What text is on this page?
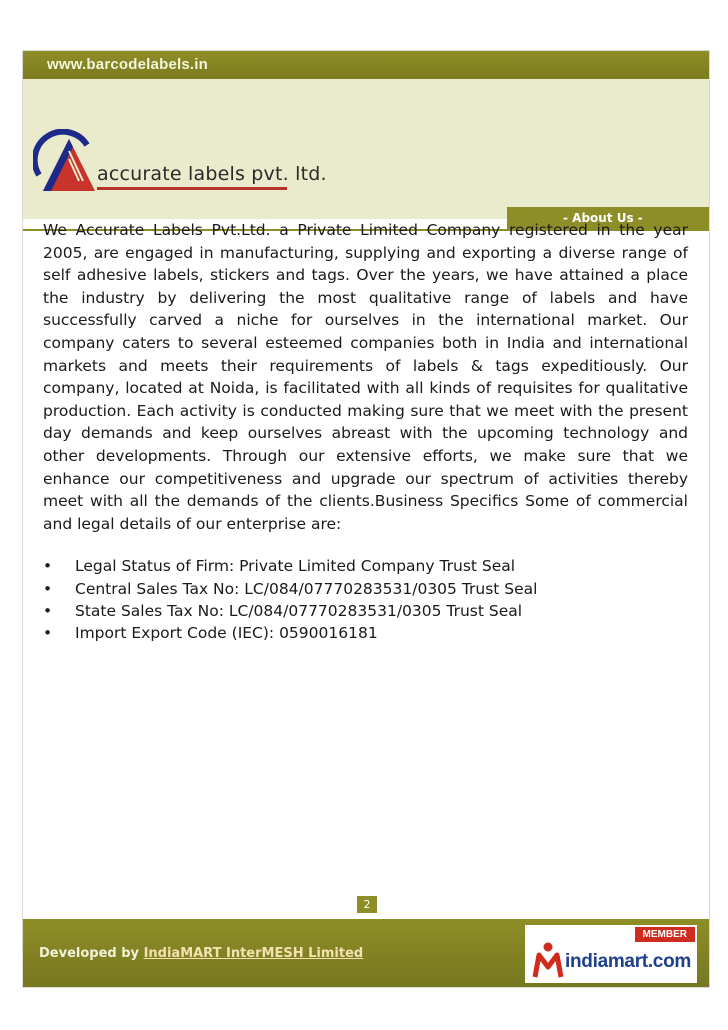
www.barcodelabels.in
accurate labels pvt. ltd.
- About Us -

We Accurate Labels Pvt.Ltd. a Private Limited Company registered in the year 2005, are engaged in manufacturing, supplying and exporting a diverse range of self adhesive labels, stickers and tags. Over the years, we have attained a place the industry by delivering the most qualitative range of labels and have successfully carved a niche for ourselves in the international market. Our company caters to several esteemed companies both in India and international markets and meets their requirements of labels & tags expeditiously. Our company, located at Noida, is facilitated with all kinds of requisites for qualitative production. Each activity is conducted making sure that we meet with the present day demands and keep ourselves abreast with the upcoming technology and other developments. Through our extensive efforts, we make sure that we enhance our competitiveness and upgrade our spectrum of activities thereby meet with all the demands of the clients.Business Specifics Some of commercial and legal details of our enterprise are:

• Legal Status of Firm: Private Limited Company Trust Seal
• Central Sales Tax No: LC/084/07770283531/0305 Trust Seal
• State Sales Tax No: LC/084/07770283531/0305 Trust Seal
• Import Export Code (IEC): 0590016181
2
Developed by IndiaMART InterMESH Limited
MEMBER
indiamart.com
